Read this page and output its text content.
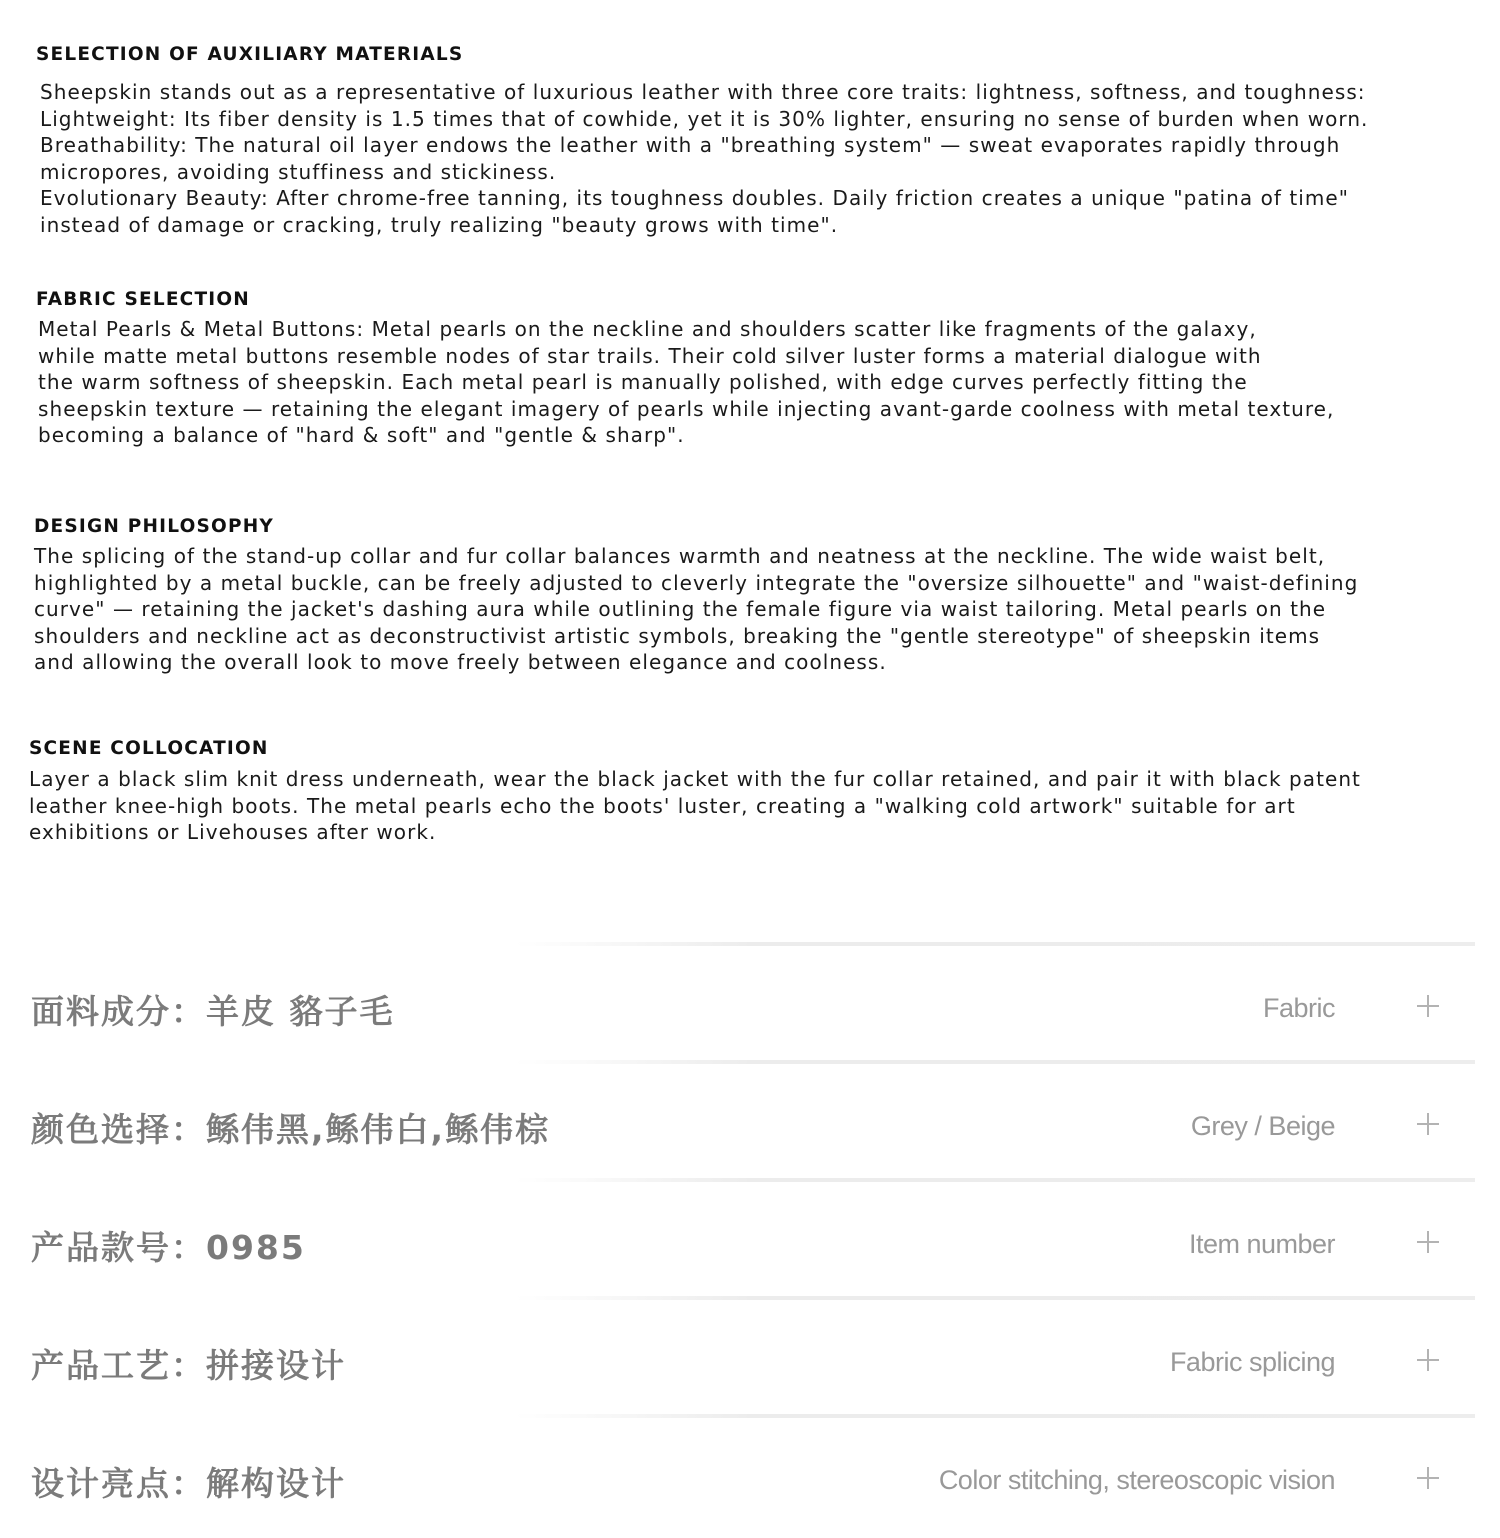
SELECTION OF AUXILIARY MATERIALS

Sheepskin stands out as a representative of luxurious leather with three core traits: lightness, softness, and toughness:
Lightweight: Its fiber density is 1.5 times that of cowhide, yet it is 30% lighter, ensuring no sense of burden when worn.
Breathability: The natural oil layer endows the leather with a "breathing system" — sweat evaporates rapidly through
micropores, avoiding stuffiness and stickiness.
Evolutionary Beauty: After chrome-free tanning, its toughness doubles. Daily friction creates a unique "patina of time"
instead of damage or cracking, truly realizing "beauty grows with time".

FABRIC SELECTION

Metal Pearls & Metal Buttons: Metal pearls on the neckline and shoulders scatter like fragments of the galaxy,
while matte metal buttons resemble nodes of star trails. Their cold silver luster forms a material dialogue with
the warm softness of sheepskin. Each metal pearl is manually polished, with edge curves perfectly fitting the
sheepskin texture — retaining the elegant imagery of pearls while injecting avant-garde coolness with metal texture,
becoming a balance of "hard & soft" and "gentle & sharp".

DESIGN PHILOSOPHY

The splicing of the stand-up collar and fur collar balances warmth and neatness at the neckline. The wide waist belt,
highlighted by a metal buckle, can be freely adjusted to cleverly integrate the "oversize silhouette" and "waist-defining
curve" — retaining the jacket's dashing aura while outlining the female figure via waist tailoring. Metal pearls on the
shoulders and neckline act as deconstructivist artistic symbols, breaking the "gentle stereotype" of sheepskin items
and allowing the overall look to move freely between elegance and coolness.

SCENE COLLOCATION

Layer a black slim knit dress underneath, wear the black jacket with the fur collar retained, and pair it with black patent
leather knee-high boots. The metal pearls echo the boots' luster, creating a "walking cold artwork" suitable for art
exhibitions or Livehouses after work.

面料成分：羊皮 貉子毛	Fabric
颜色选择：鲧伟黑,鲧伟白,鲧伟棕	Grey / Beige
产品款号：0985	Item number
产品工艺：拼接设计	Fabric splicing
设计亮点：解构设计	Color stitching, stereoscopic vision
